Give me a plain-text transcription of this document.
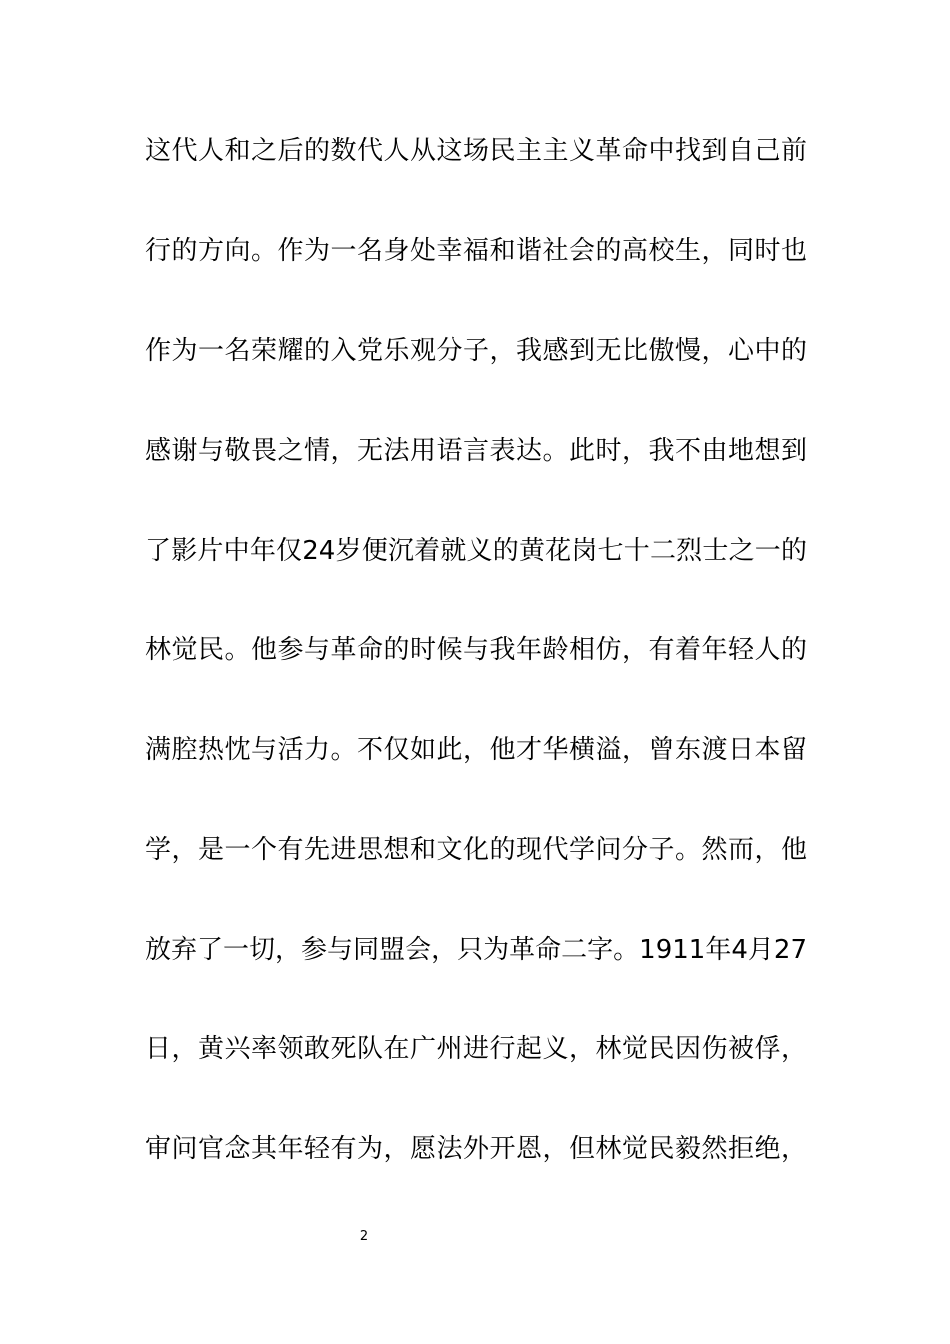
这代人和之后的数代人从这场民主主义革命中找到自己前
行的方向。作为一名身处幸福和谐社会的高校生，同时也
作为一名荣耀的入党乐观分子，我感到无比傲慢，心中的
感谢与敬畏之情，无法用语言表达。此时，我不由地想到
了影片中年仅24岁便沉着就义的黄花岗七十二烈士之一的
林觉民。他参与革命的时候与我年龄相仿，有着年轻人的
满腔热忱与活力。不仅如此，他才华横溢，曾东渡日本留
学，是一个有先进思想和文化的现代学问分子。然而，他
放弃了一切，参与同盟会，只为革命二字。1911年4月27
日，黄兴率领敢死队在广州进行起义，林觉民因伤被俘，
审问官念其年轻有为，愿法外开恩，但林觉民毅然拒绝，
2
